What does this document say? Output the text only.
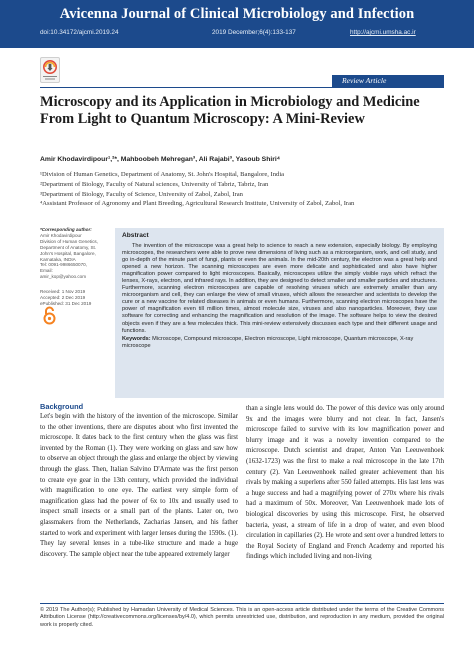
Avicenna Journal of Clinical Microbiology and Infection
doi:10.34172/ajcmi.2019.24	2019 December;6(4):133-137	http://ajcmi.umsha.ac.ir
Review Article
Microscopy and its Application in Microbiology and Medicine From Light to Quantum Microscopy: A Mini-Review
Amir Khodavirdipour¹,²*, Mahboobeh Mehregan³, Ali Rajabi³, Yasoub Shiri⁴
¹Division of Human Genetics, Department of Anatomy, St. John's Hospital, Bangalore, India
²Department of Biology, Faculty of Natural sciences, University of Tabriz, Tabriz, Iran
³Department of Biology, Faculty of Science, University of Zabol, Zabol, Iran
⁴Assistant Professor of Agronomy and Plant Breeding, Agricultural Research Institute, University of Zabol, Zabol, Iran
*Corresponding author:
Amir Khodavirdipour
Division of Human Genetics,
Department of Anatomy, St.
John's Hospital, Bangalore,
Karnataka, INDIA
Tel: 0091-9986650070,
Email:
amir_kop@yahoo.com
Received: 1 Nov 2019
Accepted: 2 Dec 2019
ePublished: 31 Dec 2019
Abstract

The invention of the microscope was a great help to science to reach a new extension, especially biology. By employing microscopes, the researchers were able to prove new dimensions of living such as a microorganism, work, and cell study, and go in-depth of the minute part of fungi, plants or even the animals. In the mid-20th century, the electron was a great help and opened a new horizon. The scanning microscopes are even more delicate and sophisticated and also have higher magnification power compared to light microscopes. Basically, microscopes utilize the simply visible rays which refract the lenses, X-rays, electron, and infrared rays. In addition, they are designed to detect smaller and smaller particles and structures. Furthermore, scanning electron microscopes are capable of resolving viruses which are extremely smaller than any microorganism and cell, they can enlarge the view of small viruses, which allows the researcher and scientists to develop the cure or a new vaccine for related diseases in animals or even humans. Furthermore, scanning electron microscopes have the power of magnification even till million times, almost molecule size, viruses and also nanoparticles. Moreover, they use software for correcting and enhancing the magnification and resolution of the image. The software helps to view the desired objects even if they are a few molecules thick. This mini-review extensively discusses each type and their different usage and functions.

Keywords: Microscope, Compound microscope, Electron microscope, Light microscope, Quantum microscope, X-ray microscope

Background

Let's begin with the history of the invention of the microscope. Similar to the other inventions, there are disputes about who first invented the microscope. It dates back to the first century when the glass was first invented by the Roman (1). They were working on glass and saw how to observe an object through the glass and enlarge the object by viewing through the glass. Then, Italian Salvino D'Armate was the first person to create eye gear in the 13th century, which provided the individual with magnification to one eye. The earliest very simple form of magnification glass had the power of 6x to 10x and usually used to inspect small insects or a small part of the plants. Later on, two glassmakers from the Netherlands, Zacharias Jansen, and his father started to work and experiment with larger lenses during the 1590s. (1). They lay several lenses in a tube-like structure and made a huge discovery. The sample object near the tube appeared extremely larger

than a single lens would do. The power of this device was only around 9x and the images were blurry and not clear. In fact, Jansen's microscope failed to survive with its low magnification power and blurry image and it was a novelty invention compared to the microscope. Dutch scientist and draper, Anton Van Leeuwenhoek (1632-1723) was the first to make a real microscope in the late 17th century (2). Van Leeuwenhoek nailed greater achievement than his rivals by making a superlens after 550 failed attempts. His last lens was a huge success and had a magnifying power of 270x where his rivals had a maximum of 50x. Moreover, Van Leeuwenhoek made lots of biological discoveries by using this microscope. First, he observed bacteria, yeast, a stream of life in a drop of water, and even blood circulation in capillaries (2). He wrote and sent over a hundred letters to the Royal Society of England and French Academy and reported his findings which included living and non-living

© 2019 The Author(s); Published by Hamadan University of Medical Sciences. This is an open-access article distributed under the terms of the Creative Commons Attribution License (http://creativecommons.org/licenses/by/4.0), which permits unrestricted use, distribution, and reproduction in any medium, provided the original work is properly cited.
